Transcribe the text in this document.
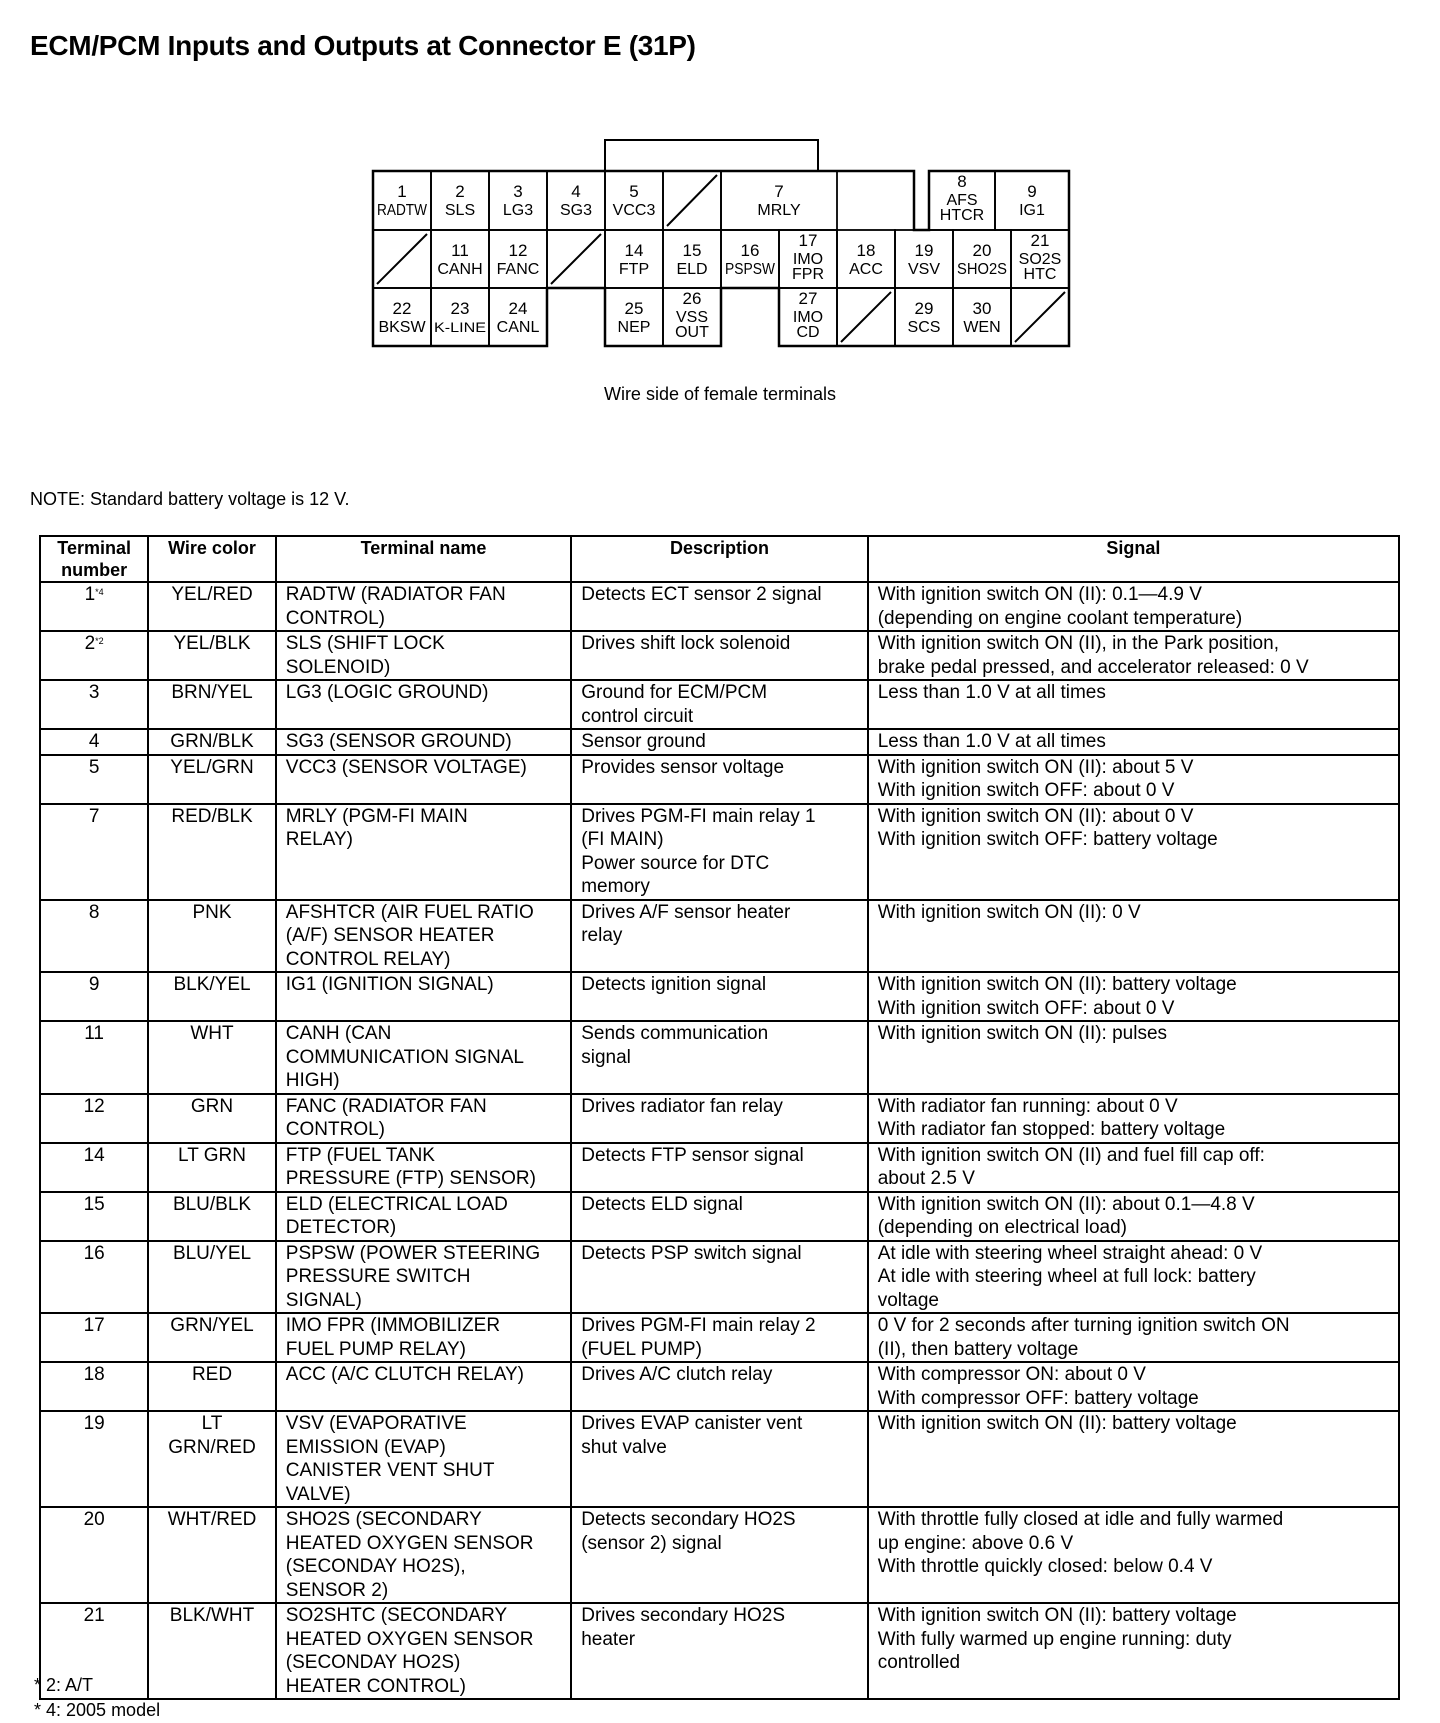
ECM/PCM Inputs and Outputs at Connector E (31P)
1
RADTW
2
SLS
3
LG3
4
SG3
5
VCC3
7
MRLY
8
AFS
HTCR
9
IG1
11
CANH
12
FANC
14
FTP
15
ELD
16
PSPSW
17
IMO
FPR
18
ACC
19
VSV
20
SHO2S
21
SO2S
HTC
22
BKSW
23
K-LINE
24
CANL
25
NEP
26
VSS
OUT
27
IMO
CD
29
SCS
30
WEN
Wire side of female terminals
NOTE: Standard battery voltage is 12 V.
Terminal
number	Wire color	Terminal name	Description	Signal
1$^{*4}$	YEL/RED	RADTW (RADIATOR FAN
CONTROL)	Detects ECT sensor 2 signal	With ignition switch ON (II): 0.1—4.9 V
(depending on engine coolant temperature)

2$^{*2}$	YEL/BLK	SLS (SHIFT LOCK
SOLENOID)	Drives shift lock solenoid	With ignition switch ON (II), in the Park position,
brake pedal pressed, and accelerator released: 0 V

3	BRN/YEL	LG3 (LOGIC GROUND)	Ground for ECM/PCM
control circuit	Less than 1.0 V at all times

4	GRN/BLK	SG3 (SENSOR GROUND)	Sensor ground	Less than 1.0 V at all times

5	YEL/GRN	VCC3 (SENSOR VOLTAGE)	Provides sensor voltage	With ignition switch ON (II): about 5 V
With ignition switch OFF: about 0 V

7	RED/BLK	MRLY (PGM-FI MAIN
RELAY)	Drives PGM-FI main relay 1
(FI MAIN)
Power source for DTC
memory	With ignition switch ON (II): about 0 V
With ignition switch OFF: battery voltage

8	PNK	AFSHTCR (AIR FUEL RATIO
(A/F) SENSOR HEATER
CONTROL RELAY)	Drives A/F sensor heater
relay	With ignition switch ON (II): 0 V

9	BLK/YEL	IG1 (IGNITION SIGNAL)	Detects ignition signal	With ignition switch ON (II): battery voltage
With ignition switch OFF: about 0 V

11	WHT	CANH (CAN
COMMUNICATION SIGNAL
HIGH)	Sends communication
signal	With ignition switch ON (II): pulses

12	GRN	FANC (RADIATOR FAN
CONTROL)	Drives radiator fan relay	With radiator fan running: about 0 V
With radiator fan stopped: battery voltage

14	LT GRN	FTP (FUEL TANK
PRESSURE (FTP) SENSOR)	Detects FTP sensor signal	With ignition switch ON (II) and fuel fill cap off:
about 2.5 V

15	BLU/BLK	ELD (ELECTRICAL LOAD
DETECTOR)	Detects ELD signal	With ignition switch ON (II): about 0.1—4.8 V
(depending on electrical load)

16	BLU/YEL	PSPSW (POWER STEERING
PRESSURE SWITCH
SIGNAL)	Detects PSP switch signal	At idle with steering wheel straight ahead: 0 V
At idle with steering wheel at full lock: battery
voltage

17	GRN/YEL	IMO FPR (IMMOBILIZER
FUEL PUMP RELAY)	Drives PGM-FI main relay 2
(FUEL PUMP)	0 V for 2 seconds after turning ignition switch ON
(II), then battery voltage

18	RED	ACC (A/C CLUTCH RELAY)	Drives A/C clutch relay	With compressor ON: about 0 V
With compressor OFF: battery voltage

19	LT GRN/RED	VSV (EVAPORATIVE
EMISSION (EVAP)
CANISTER VENT SHUT
VALVE)	Drives EVAP canister vent
shut valve	With ignition switch ON (II): battery voltage

20	WHT/RED	SHO2S (SECONDARY
HEATED OXYGEN SENSOR
(SECONDAY HO2S),
SENSOR 2)	Detects secondary HO2S
(sensor 2) signal	With throttle fully closed at idle and fully warmed
up engine: above 0.6 V
With throttle quickly closed: below 0.4 V

21	BLK/WHT	SO2SHTC (SECONDARY
HEATED OXYGEN SENSOR
(SECONDAY HO2S)
HEATER CONTROL)	Drives secondary HO2S
heater	With ignition switch ON (II): battery voltage
With fully warmed up engine running: duty
controlled
* 2: A/T
* 4: 2005 model
